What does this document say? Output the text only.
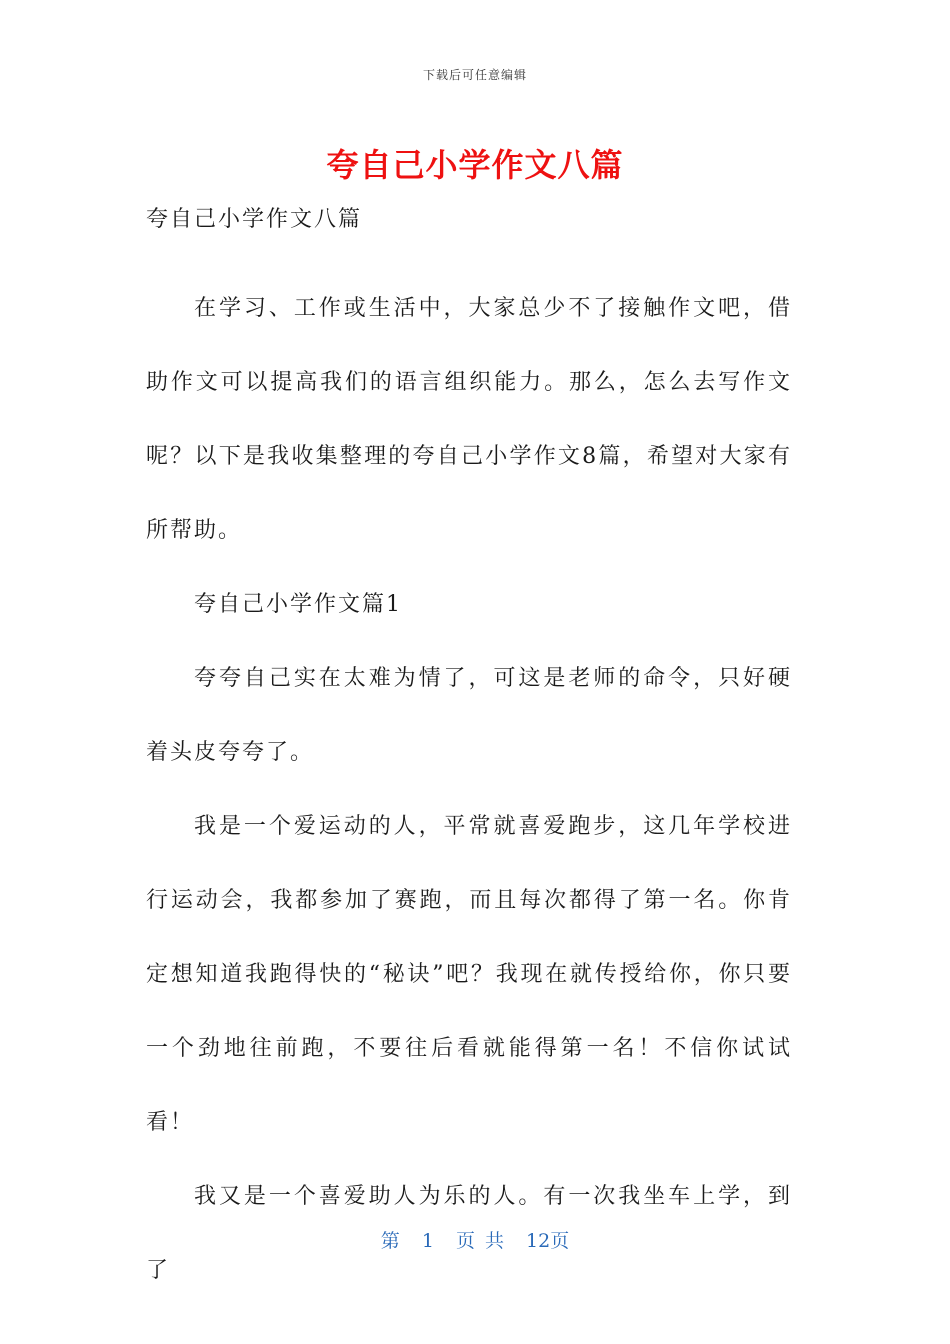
下载后可任意编辑
夸自己小学作文八篇

夸自己小学作文八篇

在学习、工作或生活中，大家总少不了接触作文吧，借助作文可以提高我们的语言组织能力。那么，怎么去写作文呢？以下是我收集整理的夸自己小学作文8篇，希望对大家有所帮助。

夸自己小学作文篇1

夸夸自己实在太难为情了，可这是老师的命令，只好硬着头皮夸夸了。

我是一个爱运动的人，平常就喜爱跑步，这几年学校进行运动会，我都参加了赛跑，而且每次都得了第一名。你肯定想知道我跑得快的“秘诀”吧？我现在就传授给你，你只要一个劲地往前跑，不要往后看就能得第一名！不信你试试看！

我又是一个喜爱助人为乐的人。有一次我坐车上学，到了

第 1 页 共 12页
